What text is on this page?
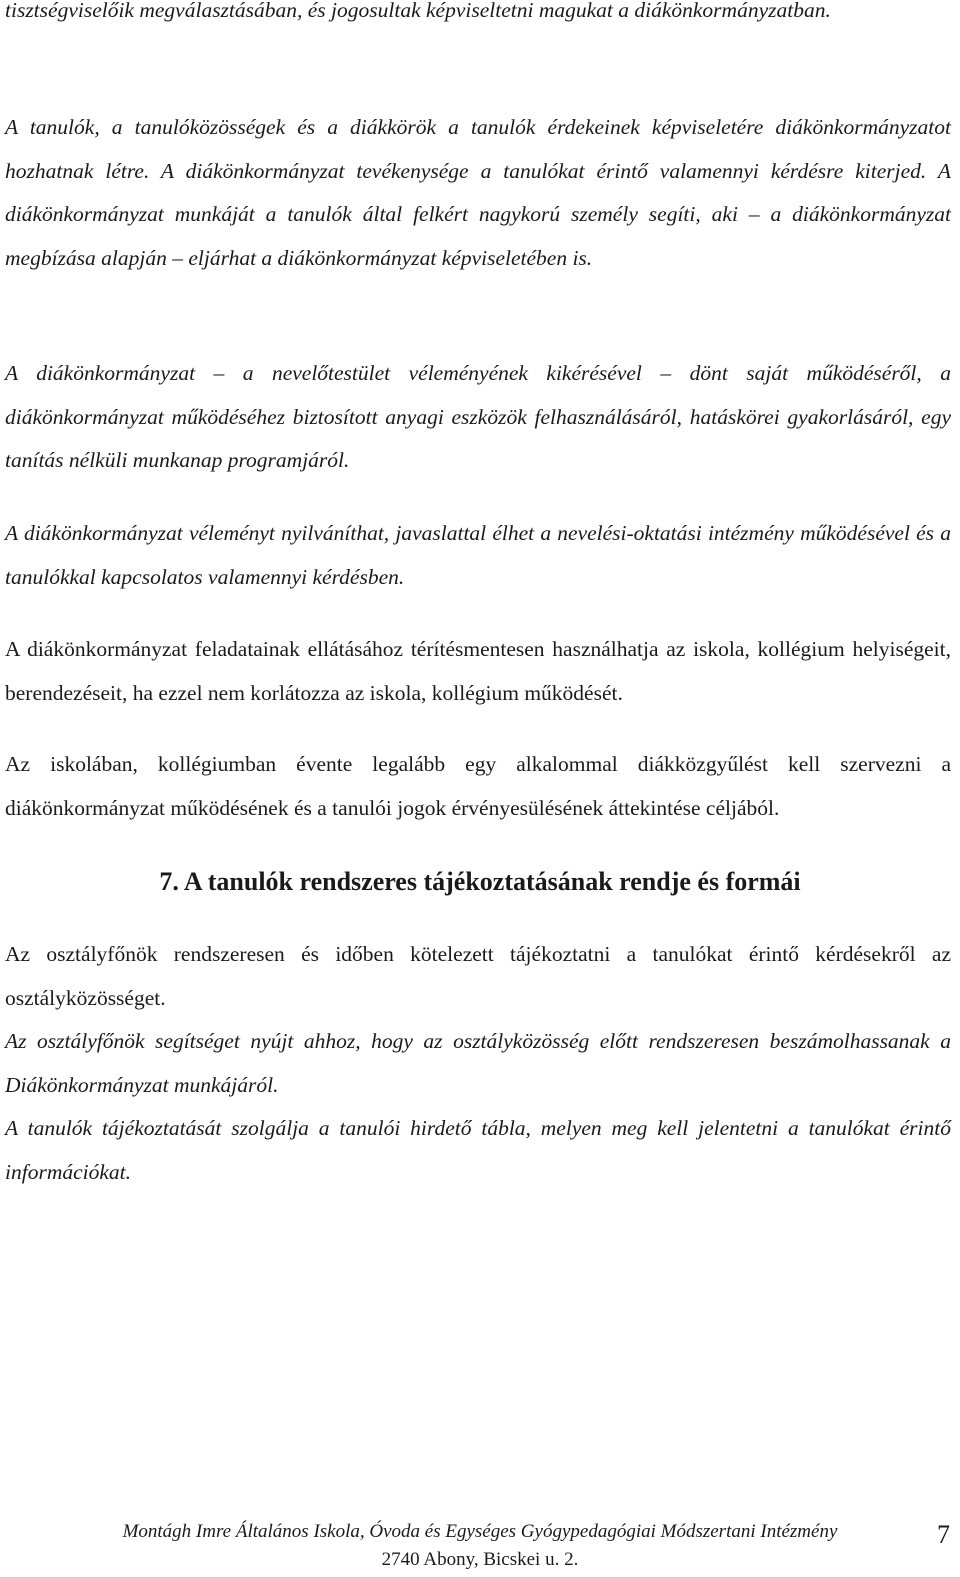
tisztségviselőik megválasztásában, és jogosultak képviseltetni magukat a diákönkormányzatban.

A tanulók, a tanulóközösségek és a diákkörök a tanulók érdekeinek képviseletére diákönkormányzatot hozhatnak létre. A diákönkormányzat tevékenysége a tanulókat érintő valamennyi kérdésre kiterjed. A diákönkormányzat munkáját a tanulók által felkért nagykorú személy segíti, aki – a diákönkormányzat megbízása alapján – eljárhat a diákönkormányzat képviseletében is.

A diákönkormányzat – a nevelőtestület véleményének kikérésével – dönt saját működéséről, a diákönkormányzat működéséhez biztosított anyagi eszközök felhasználásáról, hatáskörei gyakorlásáról, egy tanítás nélküli munkanap programjáról.

A diákönkormányzat véleményt nyilváníthat, javaslattal élhet a nevelési-oktatási intézmény működésével és a tanulókkal kapcsolatos valamennyi kérdésben.

A diákönkormányzat feladatainak ellátásához térítésmentesen használhatja az iskola, kollégium helyiségeit, berendezéseit, ha ezzel nem korlátozza az iskola, kollégium működését.

Az iskolában, kollégiumban évente legalább egy alkalommal diákközgyűlést kell szervezni a diákönkormányzat működésének és a tanulói jogok érvényesülésének áttekintése céljából.

7. A tanulók rendszeres tájékoztatásának rendje és formái

Az osztályfőnök rendszeresen és időben kötelezett tájékoztatni a tanulókat érintő kérdésekről az osztályközösséget.

Az osztályfőnök segítséget nyújt ahhoz, hogy az osztályközösség előtt rendszeresen beszámolhassanak a Diákönkormányzat munkájáról.

A tanulók tájékoztatását szolgálja a tanulói hirdető tábla, melyen meg kell jelentetni a tanulókat érintő információkat.

Montágh Imre Általános Iskola, Óvoda és Egységes Gyógypedagógiai Módszertani Intézmény
2740 Abony, Bicskei u. 2.
7
